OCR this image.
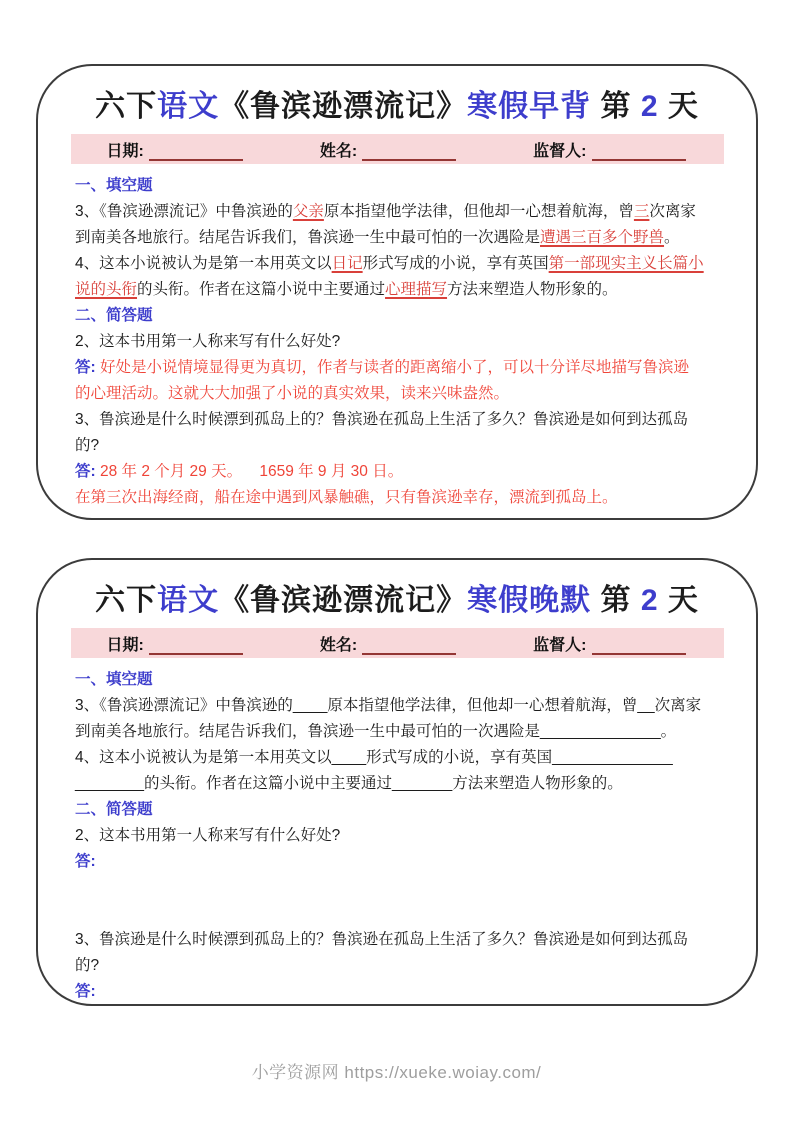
六下语文《鲁滨逊漂流记》寒假早背 第 2 天
日期:	姓名:	监督人:

一、填空题

3、《鲁滨逊漂流记》中鲁滨逊的父亲原本指望他学法律，但他却一心想着航海，曾三次离家

到南美各地旅行。结尾告诉我们，鲁滨逊一生中最可怕的一次遇险是遭遇三百多个野兽。

4、这本小说被认为是第一本用英文以日记形式写成的小说，享有英国第一部现实主义长篇小

说的头衔的头衔。作者在这篇小说中主要通过心理描写方法来塑造人物形象的。

二、简答题

2、这本书用第一人称来写有什么好处?

答: 好处是小说情境显得更为真切，作者与读者的距离缩小了，可以十分详尽地描写鲁滨逊

的心理活动。这就大大加强了小说的真实效果，读来兴味盎然。

3、鲁滨逊是什么时候漂到孤岛上的？鲁滨逊在孤岛上生活了多久？鲁滨逊是如何到达孤岛

的?

答: 28 年 2 个月 29 天。    1659 年 9 月 30 日。

在第三次出海经商，船在途中遇到风暴触礁，只有鲁滨逊幸存，漂流到孤岛上。

六下语文《鲁滨逊漂流记》寒假晚默 第 2 天
日期:	姓名:	监督人:

一、填空题

3、《鲁滨逊漂流记》中鲁滨逊的____原本指望他学法律，但他却一心想着航海，曾__次离家

到南美各地旅行。结尾告诉我们，鲁滨逊一生中最可怕的一次遇险是______________。

4、这本小说被认为是第一本用英文以____形式写成的小说，享有英国______________

________的头衔。作者在这篇小说中主要通过_______方法来塑造人物形象的。

二、简答题

2、这本书用第一人称来写有什么好处?

答:

3、鲁滨逊是什么时候漂到孤岛上的？鲁滨逊在孤岛上生活了多久？鲁滨逊是如何到达孤岛

的?

答:

小学资源网 https://xueke.woiay.com/
